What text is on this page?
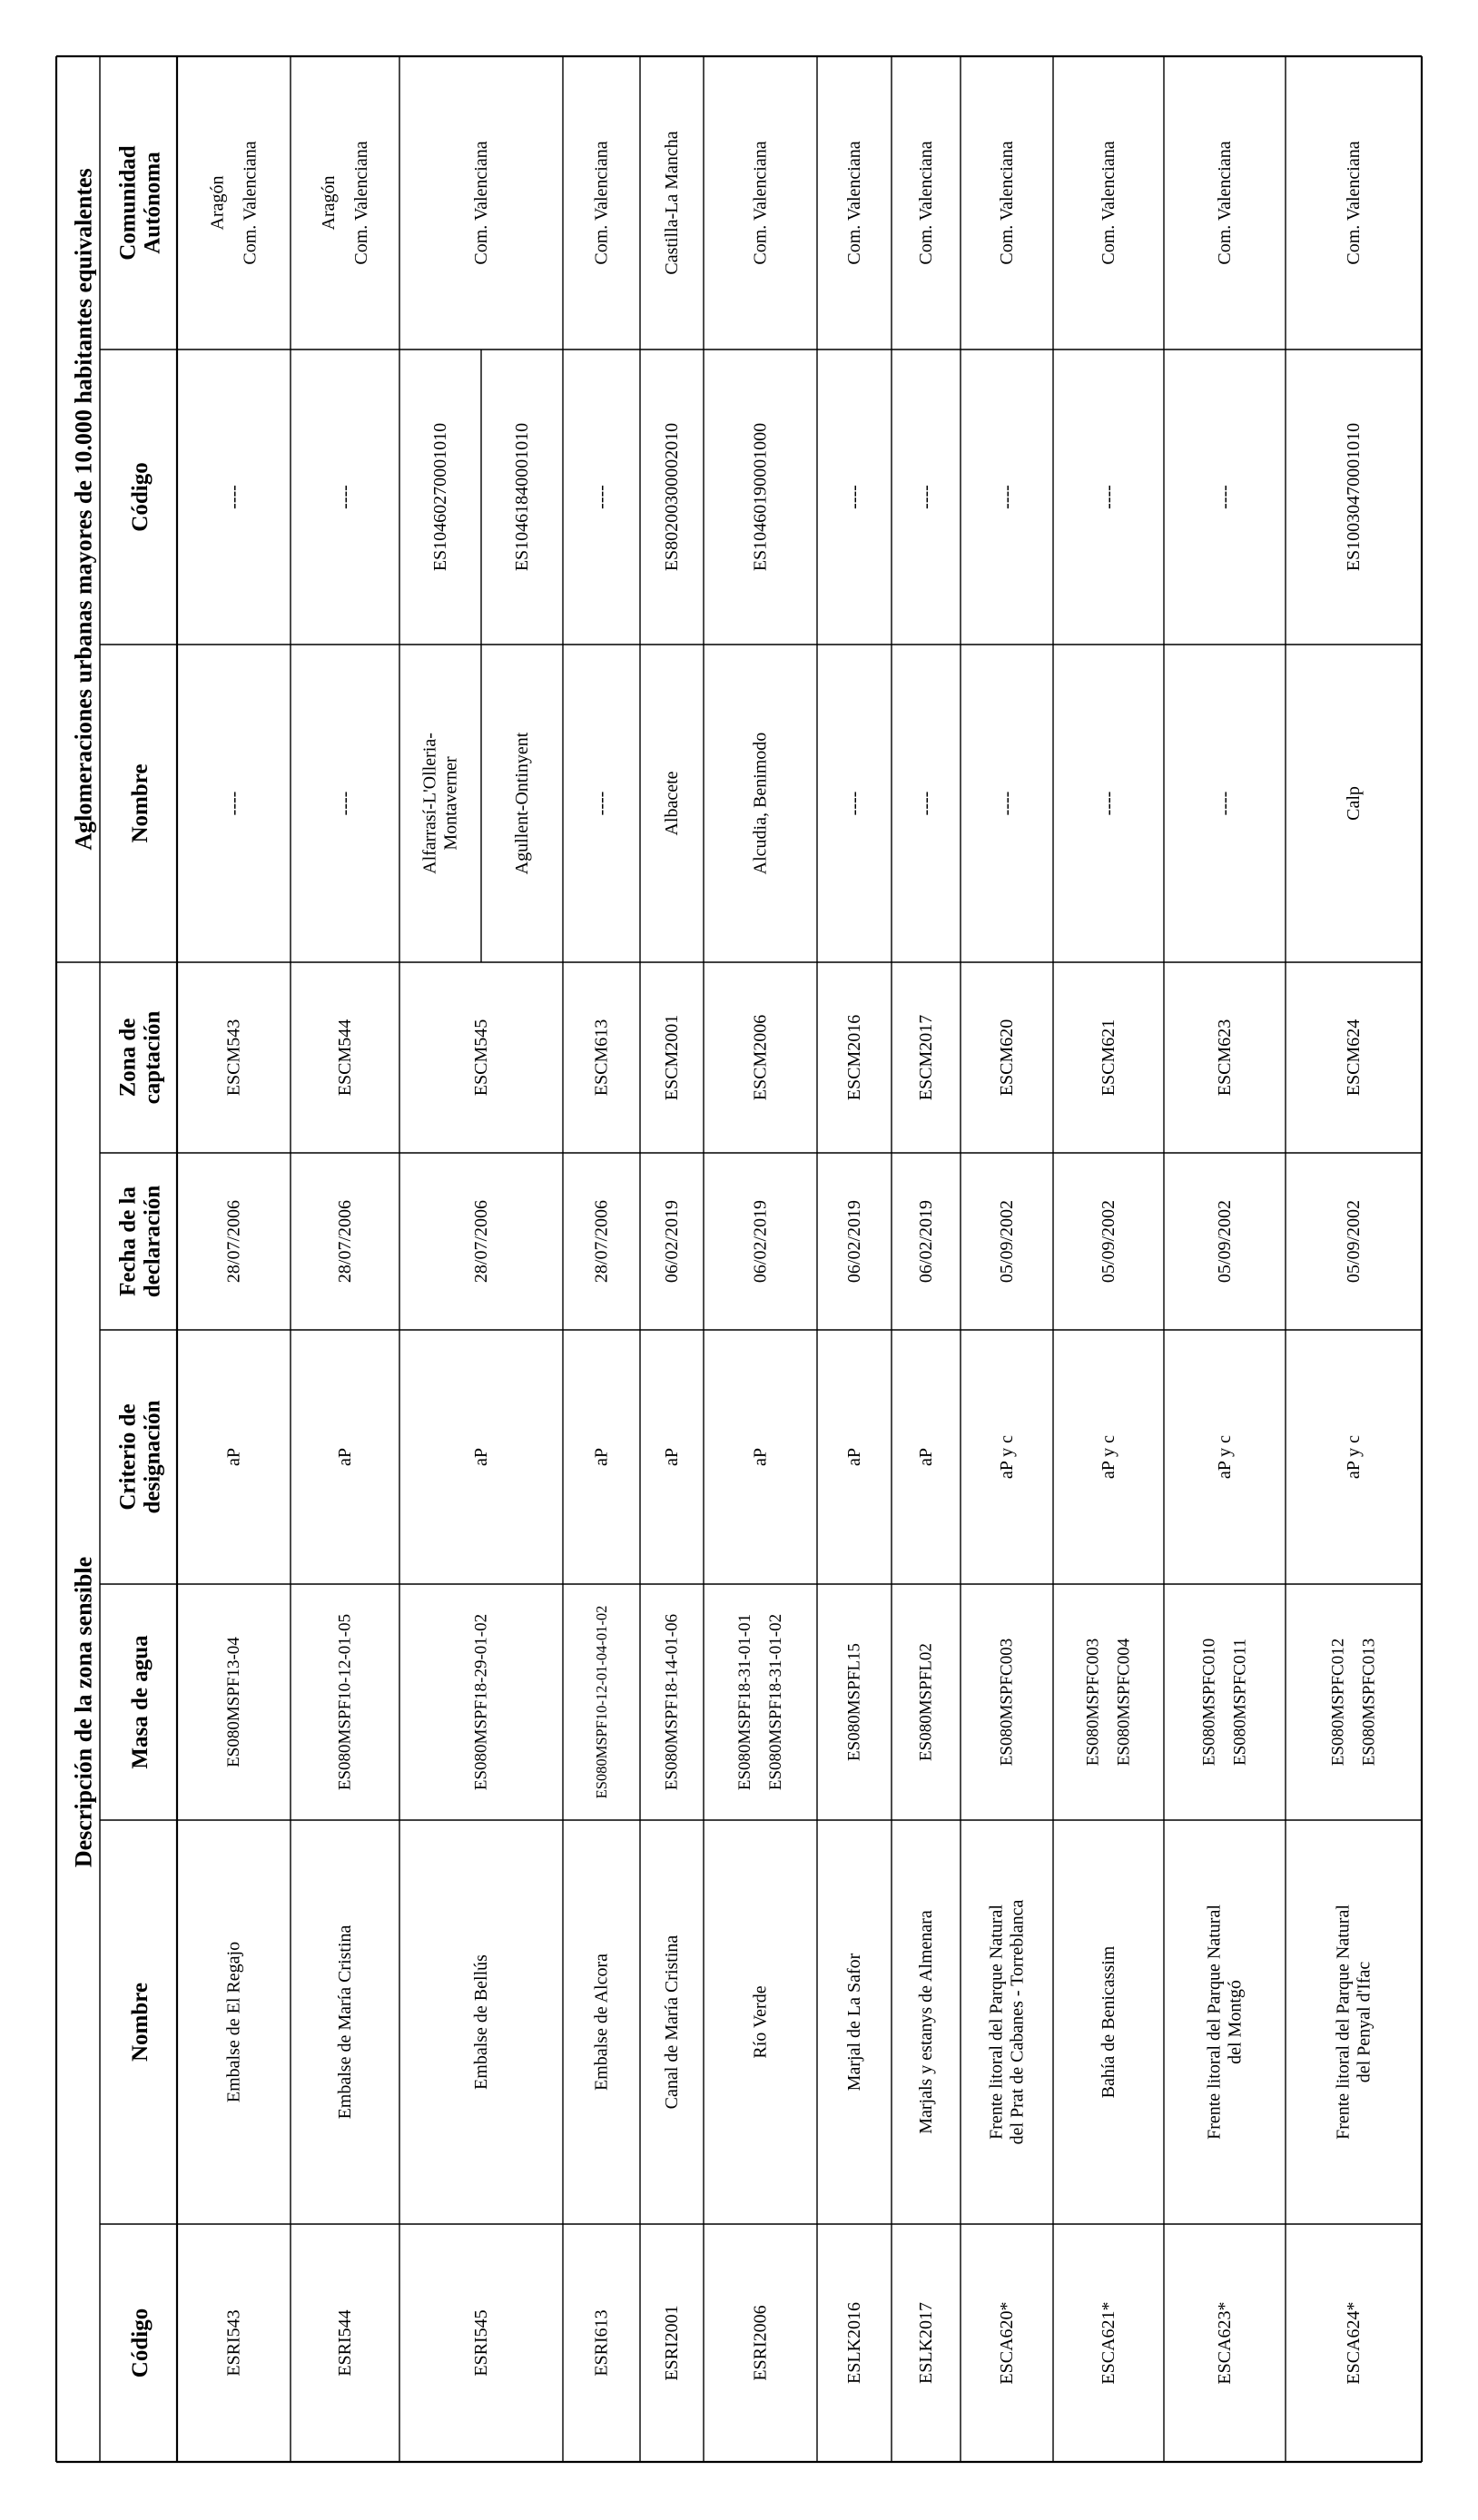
Descripción de la zona sensible
Aglomeraciones urbanas mayores de 10.000 habitantes equivalentes
Código
Nombre
Masa de agua
Criterio de designación
Fecha de la declaración
Zona de captación
Nombre
Código
Comunidad Autónoma
ESRI543
Embalse de El Regajo
ES080MSPF13-04
aP
28/07/2006
ESCM543
----
----
Aragón Com. Valenciana
ESRI544
Embalse de María Cristina
ES080MSPF10-12-01-05
aP
28/07/2006
ESCM544
----
----
Aragón Com. Valenciana
ESRI545
Embalse de Bellús
ES080MSPF18-29-01-02
aP
28/07/2006
ESCM545
Alfarrasí-L'Olleria- Montaverner
ES10460270001010
Agullent-Ontinyent
ES10461840001010
Com. Valenciana
ESRI613
Embalse de Alcora
ES080MSPF10-12-01-04-01-02
aP
28/07/2006
ESCM613
----
----
Com. Valenciana
ESRI2001
Canal de María Cristina
ES080MSPF18-14-01-06
aP
06/02/2019
ESCM2001
Albacete
ES80200300002010
Castilla-La Mancha
ESRI2006
Río Verde
ES080MSPF18-31-01-01 ES080MSPF18-31-01-02
aP
06/02/2019
ESCM2006
Alcudia, Benimodo
ES10460190001000
Com. Valenciana
ESLK2016
Marjal de La Safor
ES080MSPFL15
aP
06/02/2019
ESCM2016
----
----
Com. Valenciana
ESLK2017
Marjals y estanys de Almenara
ES080MSPFL02
aP
06/02/2019
ESCM2017
----
----
Com. Valenciana
ESCA620*
Frente litoral del Parque Natural del Prat de Cabanes - Torreblanca
ES080MSPFC003
aP y c
05/09/2002
ESCM620
----
----
Com. Valenciana
ESCA621*
Bahía de Benicassim
ES080MSPFC003 ES080MSPFC004
aP y c
05/09/2002
ESCM621
----
----
Com. Valenciana
ESCA623*
Frente litoral del Parque Natural del Montgó
ES080MSPFC010 ES080MSPFC011
aP y c
05/09/2002
ESCM623
----
----
Com. Valenciana
ESCA624*
Frente litoral del Parque Natural del Penyal d'Ifac
ES080MSPFC012 ES080MSPFC013
aP y c
05/09/2002
ESCM624
Calp
ES10030470001010
Com. Valenciana
